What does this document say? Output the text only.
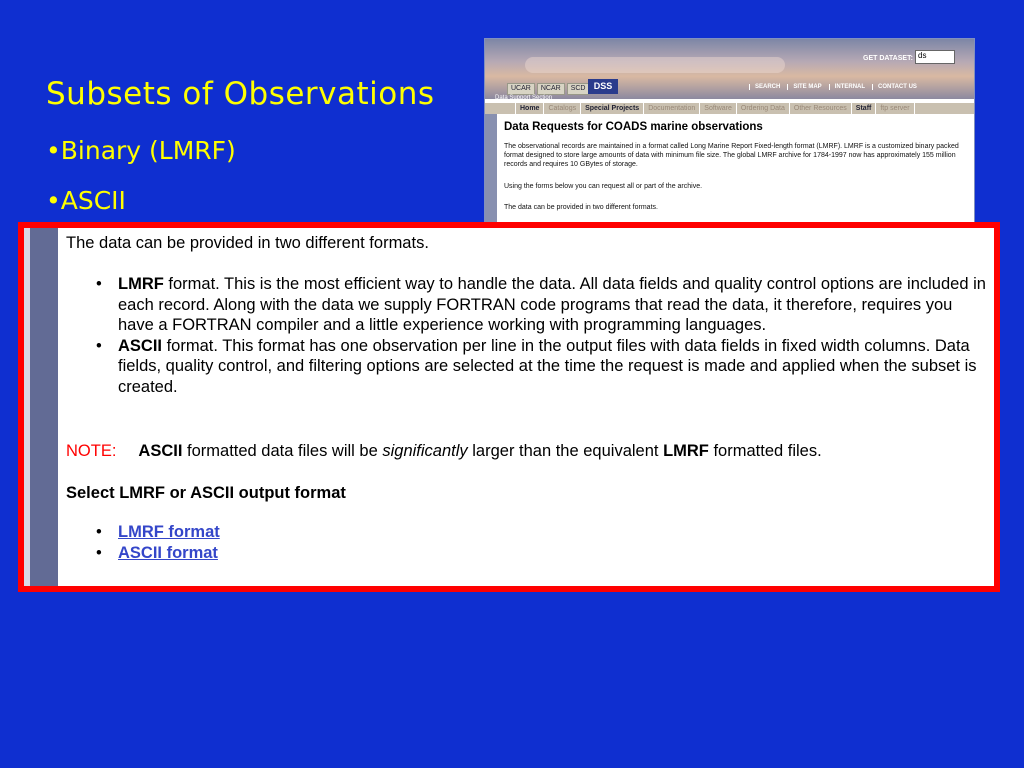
Subsets of Observations
•Binary (LMRF)
•ASCII
GET DATASET: ds
UCAR	NCAR	SCD DSS	SEARCH	SITE MAP	INTERNAL	CONTACT US
Data Support Section
Home	Catalogs	Special Projects	Documentation	Software	Ordering Data	Other Resources	Staff	ftp server
Data Requests for COADS marine observations
The observational records are maintained in a format called Long Marine Report Fixed-length format (LMRF). LMRF is a customized binary packed format designed to store large amounts of data with minimum file size. The global LMRF archive for 1784-1997 now has approximately 155 million records and requires 10 GBytes of storage.
Using the forms below you can request all or part of the archive.
The data can be provided in two different formats.
The data can be provided in two different formats.
• LMRF format. This is the most efficient way to handle the data. All data fields and quality control options are included in each record. Along with the data we supply FORTRAN code programs that read the data, it therefore, requires you have a FORTRAN compiler and a little experience working with programming languages.
• ASCII format. This format has one observation per line in the output files with data fields in fixed width columns. Data fields, quality control, and filtering options are selected at the time the request is made and applied when the subset is created.
NOTE: ASCII formatted data files will be significantly larger than the equivalent LMRF formatted files.
Select LMRF or ASCII output format
• LMRF format
• ASCII format
